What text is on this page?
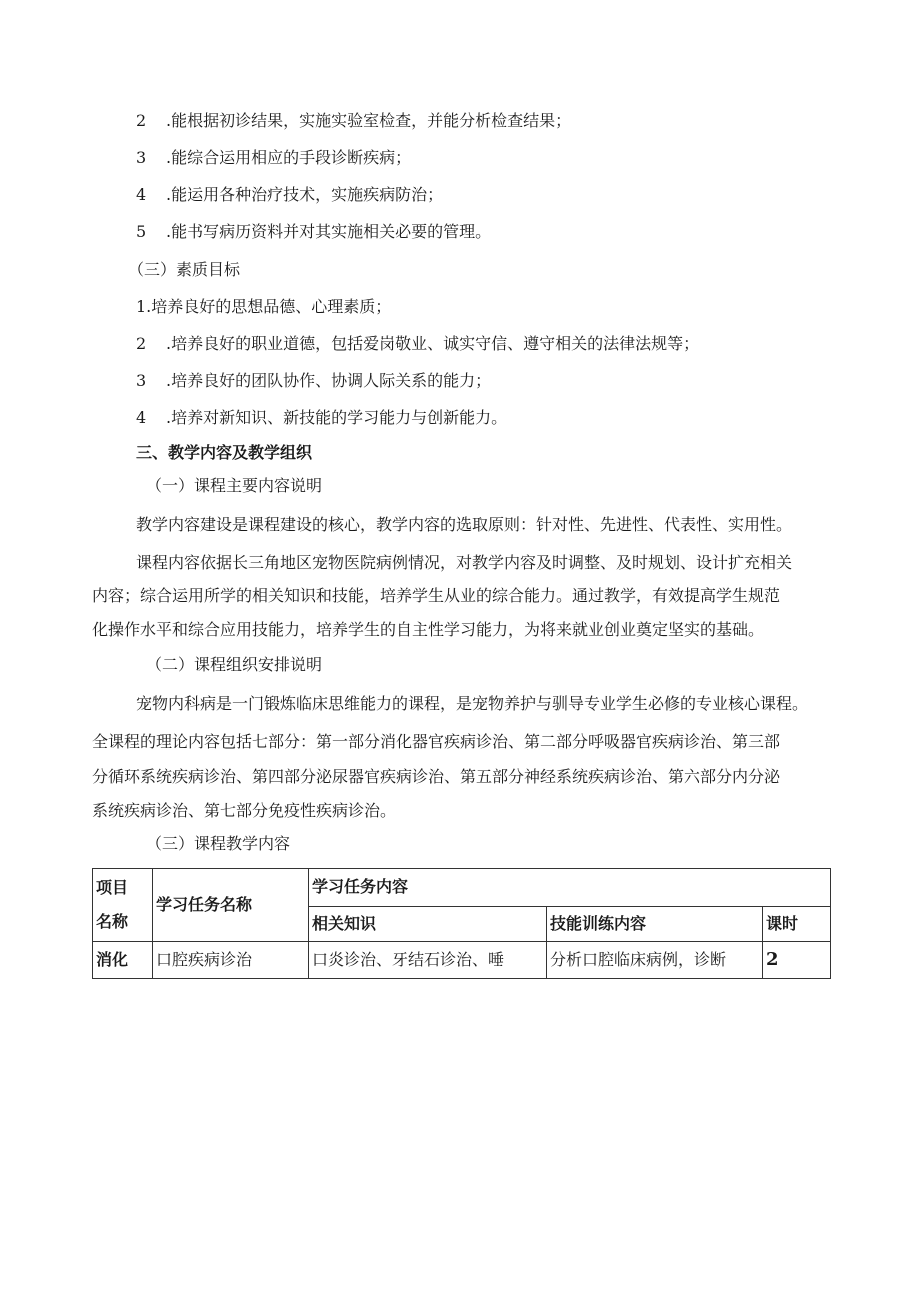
2 .能根据初诊结果，实施实验室检查，并能分析检查结果；
3 .能综合运用相应的手段诊断疾病；
4 .能运用各种治疗技术，实施疾病防治；
5 .能书写病历资料并对其实施相关必要的管理。
（三）素质目标
1.培养良好的思想品德、心理素质；
2 .培养良好的职业道德，包括爱岗敬业、诚实守信、遵守相关的法律法规等；
3 .培养良好的团队协作、协调人际关系的能力；
4 .培养对新知识、新技能的学习能力与创新能力。
三、教学内容及教学组织
（一）课程主要内容说明
教学内容建设是课程建设的核心，教学内容的选取原则：针对性、先进性、代表性、实用性。
课程内容依据长三角地区宠物医院病例情况，对教学内容及时调整、及时规划、设计扩充相关
内容；综合运用所学的相关知识和技能，培养学生从业的综合能力。通过教学，有效提高学生规范
化操作水平和综合应用技能力，培养学生的自主性学习能力，为将来就业创业奠定坚实的基础。
（二）课程组织安排说明
宠物内科病是一门锻炼临床思维能力的课程，是宠物养护与驯导专业学生必修的专业核心课程。
全课程的理论内容包括七部分：第一部分消化器官疾病诊治、第二部分呼吸器官疾病诊治、第三部
分循环系统疾病诊治、第四部分泌尿器官疾病诊治、第五部分神经系统疾病诊治、第六部分内分泌
系统疾病诊治、第七部分免疫性疾病诊治。
（三）课程教学内容
项目
名称	学习任务名称	学习任务内容		
		相关知识	技能训练内容	课时
消化	口腔疾病诊治	口炎诊治、牙结石诊治、唾	分析口腔临床病例，诊断	2
